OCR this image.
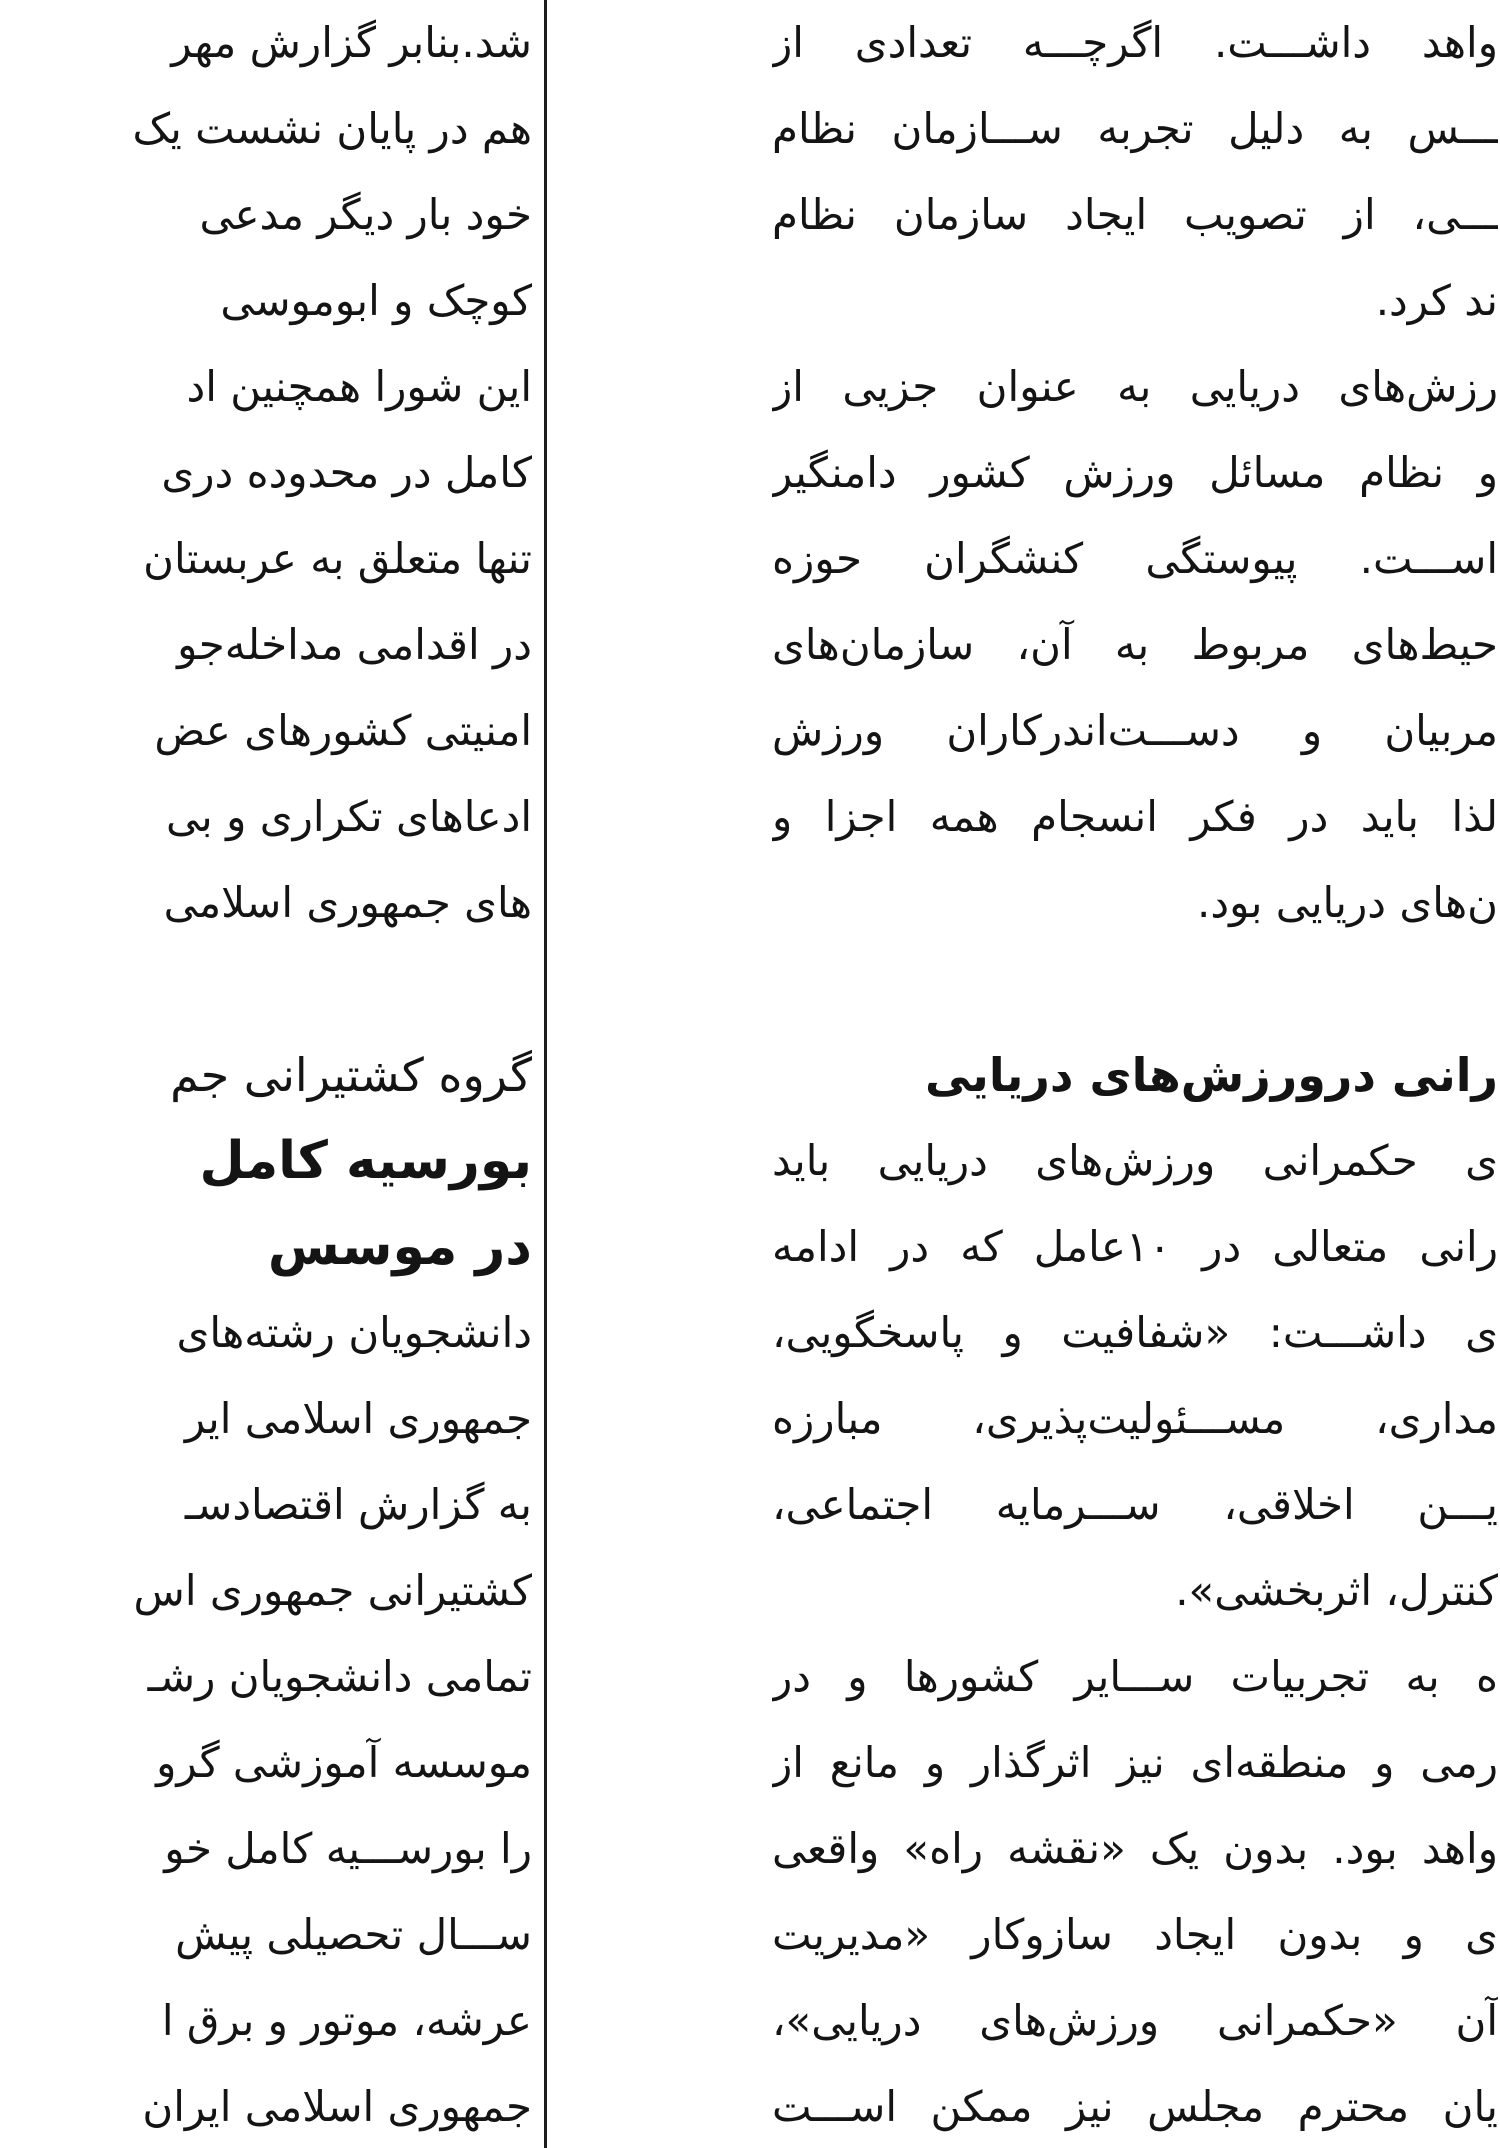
شد.بنابر گزارش مهر
هم در پایان نشست یک
خود بار دیگر مدعی
کوچک و ابوموسی
این شورا همچنین اد
کامل در محدوده دری
تنها متعلق به عربستان
در اقدامی مداخله‌جو
امنیتی کشورهای عض
ادعاهای تکراری و بی
های جمهوری اسلامی
گروه کشتیرانی جم
بورسیه کامل
در موسس
دانشجویان رشته‌های
جمهوری اسلامی ایر
به گزارش اقتصادسـ
کشتیرانی جمهوری اس
تمامی دانشجویان رشـ
موسسه آموزشی گرو
را بورســـیه کامل خو
ســـال تحصیلی پیش
عرشه، موتور و برق ا
جمهوری اسلامی ایران
واهد داشـــت. اگرچـــه تعدادی از
ـــس به دلیل تجربه ســـازمان نظام
ـــی، از تصویب ایجاد سازمان نظام
ند کرد.
رزش‌های دریایی به عنوان جزیی از
و نظام مسائل ورزش کشور دامنگیر
اســـت. پیوستگی کنشگران حوزه
حیط‌های مربوط به آن، سازمان‌های
مربیان و دســـت‌اندرکاران ورزش
لذا باید در فکر انسجام همه اجزا و
ن‌های دریایی بود.
رانی درورزش‌های دریایی
ی حکمرانی ورزش‌های دریایی باید
رانی متعالی در ۱۰عامل که در ادامه
ی داشـــت: «شفافیت و پاسخگویی،
مداری، مســـئولیت‌پذیری، مبارزه
یـــن اخلاقی، ســـرمایه اجتماعی،
کنترل، اثربخشی».
ه به تجربیات ســـایر کشورها و در
رمی و منطقه‌ای نیز اثرگذار و مانع از
واهد بود. بدون یک «نقشه راه» واقعی
ی و بدون ایجاد سازوکار «مدیریت
آن «حکمرانی ورزش‌های دریایی»،
یان محترم مجلس نیز ممکن اســـت
